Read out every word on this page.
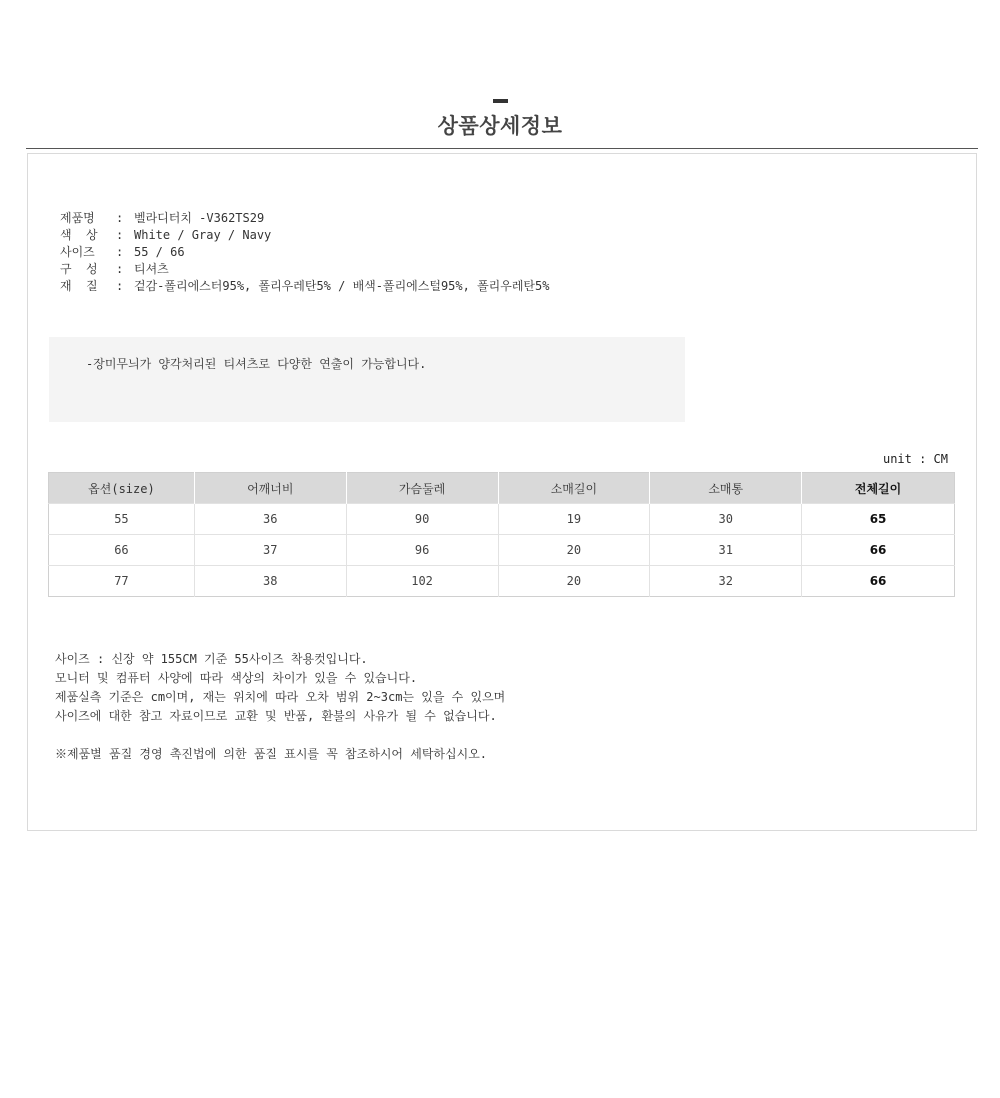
상품상세정보
제품명	: 벨라디터치 -V362TS29
색  상	: White / Gray / Navy
사이즈	: 55 / 66
구  성	: 티셔츠
재  질	: 겉감-폴리에스터95%, 폴리우레탄5% / 배색-폴리에스털95%, 폴리우레탄5%
-장미무늬가 양각처리된 티셔츠로 다양한 연출이 가능합니다.
unit : CM
옵션(size)	어깨너비	가슴둘레	소매길이	소매통	전체길이
55	36	90	19	30	65
66	37	96	20	31	66
77	38	102	20	32	66
사이즈 : 신장 약 155CM 기준 55사이즈 착용컷입니다.
모니터 및 컴퓨터 사양에 따라 색상의 차이가 있을 수 있습니다.
제품실측 기준은 cm이며, 재는 위치에 따라 오차 범위 2~3cm는 있을 수 있으며
사이즈에 대한 참고 자료이므로 교환 및 반품, 환불의 사유가 될 수 없습니다.
※제품별 품질 경영 촉진법에 의한 품질 표시를 꼭 참조하시어 세탁하십시오.
